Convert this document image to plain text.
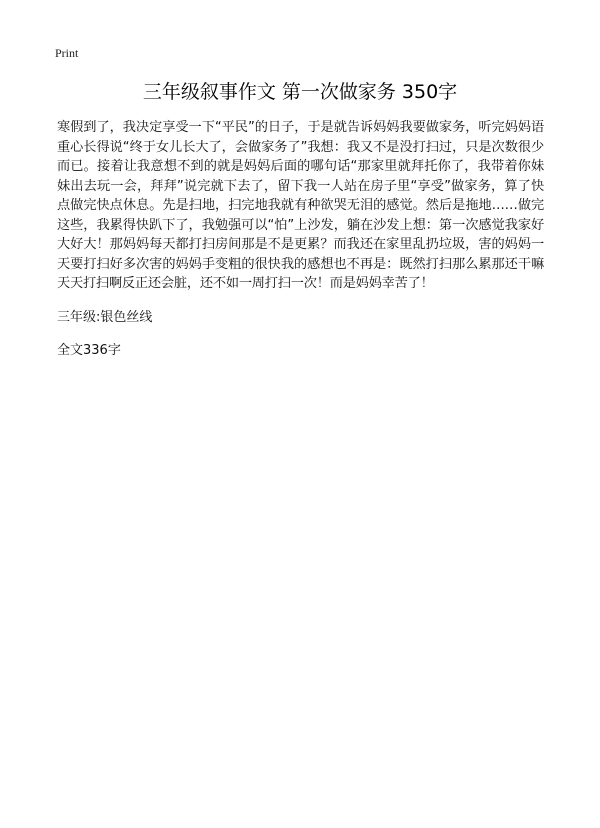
Print
三年级叙事作文 第一次做家务 350字
寒假到了，我决定享受一下“平民”的日子，于是就告诉妈妈我要做家务，听完妈妈语重心长得说“终于女儿长大了，会做家务了”我想：我又不是没打扫过，只是次数很少而已。接着让我意想不到的就是妈妈后面的哪句话“那家里就拜托你了，我带着你妹妹出去玩一会，拜拜”说完就下去了，留下我一人站在房子里“享受”做家务，算了快点做完快点休息。先是扫地，扫完地我就有种欲哭无泪的感觉。然后是拖地……做完这些，我累得快趴下了，我勉强可以“怕”上沙发，躺在沙发上想：第一次感觉我家好大好大！那妈妈每天都打扫房间那是不是更累？而我还在家里乱扔垃圾，害的妈妈一天要打扫好多次害的妈妈手变粗的很快我的感想也不再是：既然打扫那么累那还干嘛天天打扫啊反正还会脏，还不如一周打扫一次！而是妈妈幸苦了！
三年级:银色丝线
全文336字
